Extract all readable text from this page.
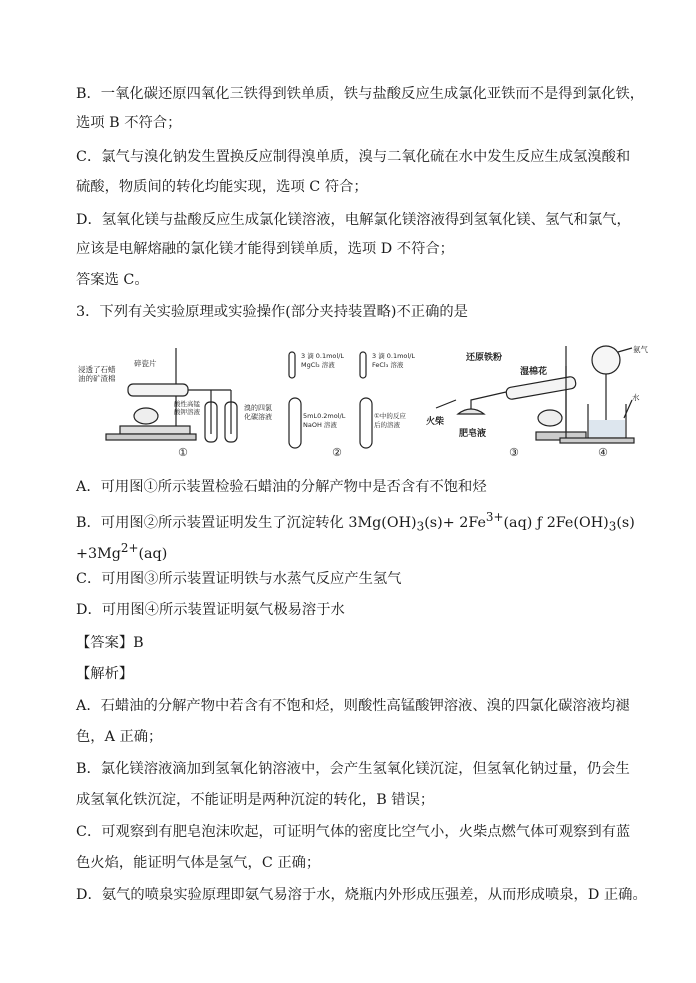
B．一氧化碳还原四氧化三铁得到铁单质，铁与盐酸反应生成氯化亚铁而不是得到氯化铁，
选项 B 不符合；
C．氯气与溴化钠发生置换反应制得溴单质，溴与二氧化硫在水中发生反应生成氢溴酸和
硫酸，物质间的转化均能实现，选项 C 符合；
D．氢氧化镁与盐酸反应生成氯化镁溶液，电解氯化镁溶液得到氢氧化镁、氢气和氯气，
应该是电解熔融的氯化镁才能得到镁单质，选项 D 不符合；
答案选 C。
3．下列有关实验原理或实验操作(部分夹持装置略)不正确的是
浸透了石蜡
油的矿渣棉
碎瓷片
酸性高锰
酸钾溶液	溴的四氯
化碳溶液
①
3 滴 0.1mol/L
MgCl₂ 溶液
3 滴 0.1mol/L
FeCl₃ 溶液
5mL0.2mol/L
NaOH 溶液
①中的反应
后的溶液
②
还原铁粉
湿棉花
火柴
肥皂液
③
氨气
水
④
A．可用图①所示装置检验石蜡油的分解产物中是否含有不饱和烃
B．可用图②所示装置证明发生了沉淀转化 $3Mg(OH)_3(s)+ 2Fe^{3+}(aq)$ ƒ $2Fe(OH)_3(s)$
$+3Mg^{2+}(aq)$
C．可用图③所示装置证明铁与水蒸气反应产生氢气
D．可用图④所示装置证明氨气极易溶于水
【答案】B
【解析】
A．石蜡油的分解产物中若含有不饱和烃，则酸性高锰酸钾溶液、溴的四氯化碳溶液均褪
色，A 正确；
B．氯化镁溶液滴加到氢氧化钠溶液中，会产生氢氧化镁沉淀，但氢氧化钠过量，仍会生
成氢氧化铁沉淀，不能证明是两种沉淀的转化，B 错误；
C．可观察到有肥皂泡沫吹起，可证明气体的密度比空气小，火柴点燃气体可观察到有蓝
色火焰，能证明气体是氢气，C 正确；
D．氨气的喷泉实验原理即氨气易溶于水，烧瓶内外形成压强差，从而形成喷泉，D 正确。
